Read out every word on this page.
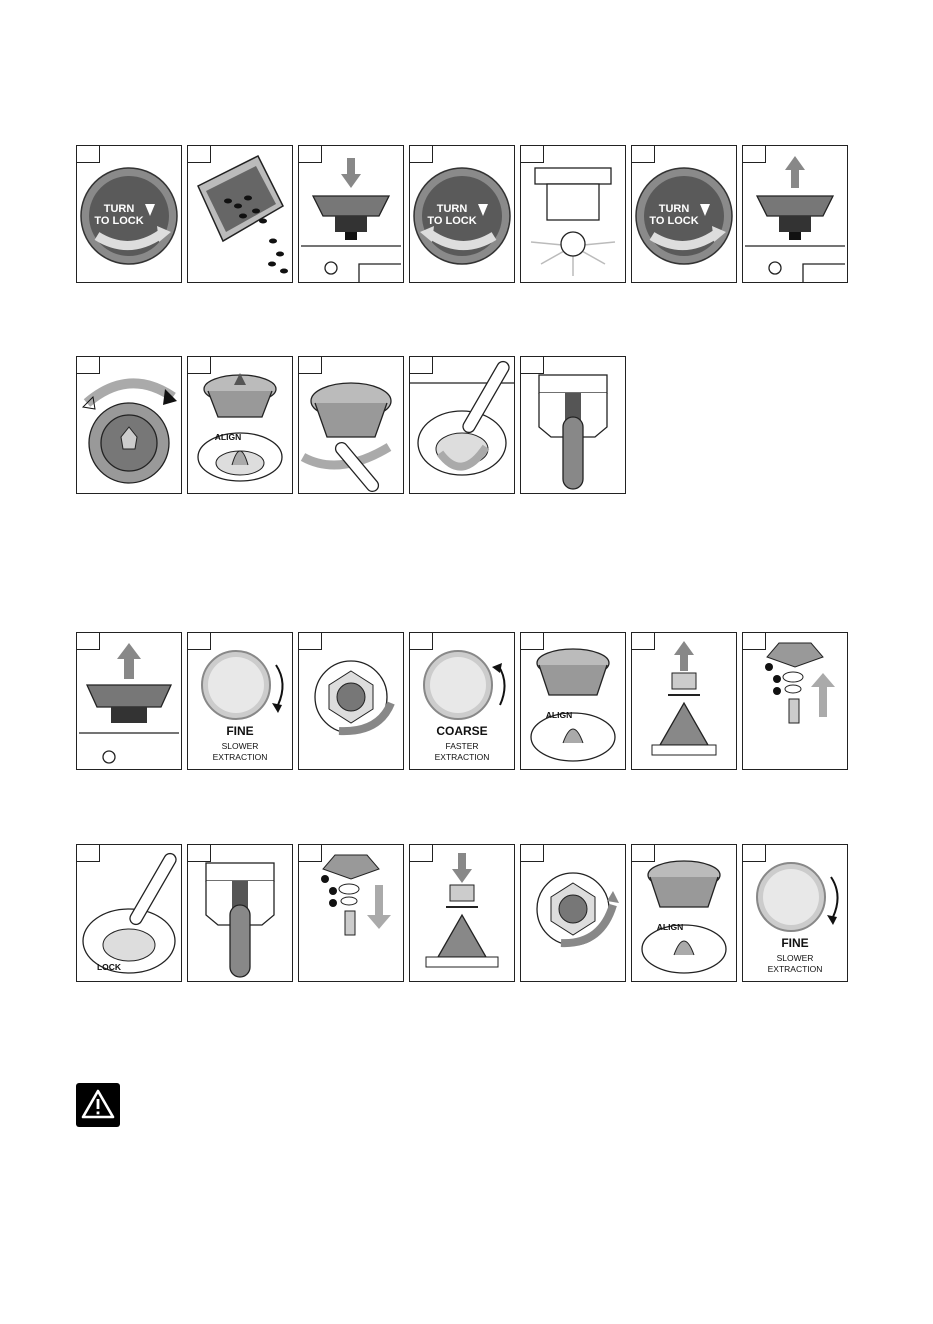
TURN
TO LOCK
TURN
TO LOCK
TURN
TO LOCK
ALIGN
FINE
SLOWER
EXTRACTION
COARSE
FASTER
EXTRACTION
ALIGN
LOCK
ALIGN
FINE
SLOWER
EXTRACTION
